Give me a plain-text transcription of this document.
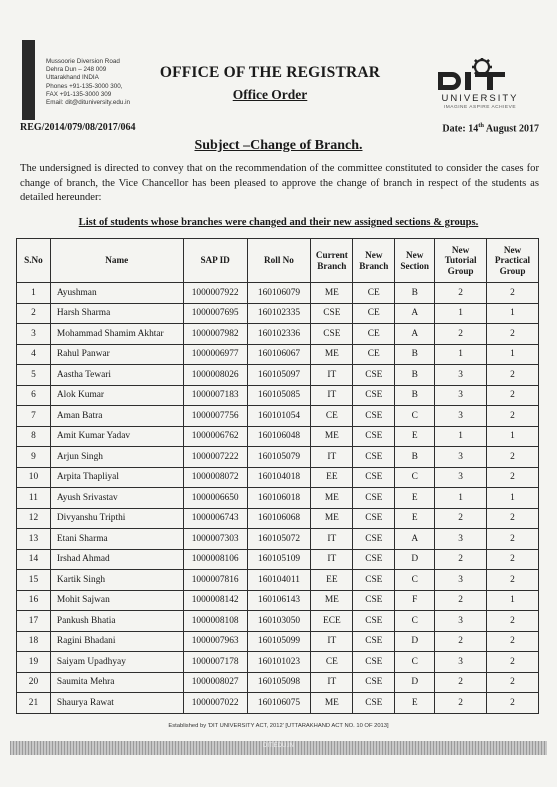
Mussoorie Diversion Road
Dehra Dun – 248 009
Uttarakhand INDIA
Phones +91-135-3000 300,
FAX +91-135-3000 309
Email: dit@dituniversity.edu.in
OFFICE OF THE REGISTRAR
Office Order	UNIVERSITY
IMAGINE ASPIRE ACHIEVE
REG/2014/079/08/2017/064	Date: 14th August 2017
Subject –Change of Branch.
The undersigned is directed to convey that on the recommendation of the committee constituted to consider the cases for change of branch, the Vice Chancellor has been pleased to approve the change of branch in respect of the students as detailed hereunder:
List of students whose branches were changed and their new assigned sections & groups.
S.No	Name	SAP ID	Roll No	Current Branch	New Branch	New Section	New Tutorial Group	New Practical Group
1	Ayushman	1000007922	160106079	ME	CE	B	2	2
2	Harsh Sharma	1000007695	160102335	CSE	CE	A	1	1
3	Mohammad Shamim Akhtar	1000007982	160102336	CSE	CE	A	2	2
4	Rahul Panwar	1000006977	160106067	ME	CE	B	1	1
5	Aastha Tewari	1000008026	160105097	IT	CSE	B	3	2
6	Alok Kumar	1000007183	160105085	IT	CSE	B	3	2
7	Aman Batra	1000007756	160101054	CE	CSE	C	3	2
8	Amit Kumar Yadav	1000006762	160106048	ME	CSE	E	1	1
9	Arjun Singh	1000007222	160105079	IT	CSE	B	3	2
10	Arpita Thapliyal	1000008072	160104018	EE	CSE	C	3	2
11	Ayush Srivastav	1000006650	160106018	ME	CSE	E	1	1
12	Divyanshu Tripthi	1000006743	160106068	ME	CSE	E	2	2
13	Etani Sharma	1000007303	160105072	IT	CSE	A	3	2
14	Irshad Ahmad	1000008106	160105109	IT	CSE	D	2	2
15	Kartik Singh	1000007816	160104011	EE	CSE	C	3	2
16	Mohit Sajwan	1000008142	160106143	ME	CSE	F	2	1
17	Pankush Bhatia	1000008108	160103050	ECE	CSE	C	3	2
18	Ragini Bhadani	1000007963	160105099	IT	CSE	D	2	2
19	Saiyam Upadhyay	1000007178	160101023	CE	CSE	C	3	2
20	Saumita Mehra	1000008027	160105098	IT	CSE	D	2	2
21	Shaurya Rawat	1000007022	160106075	ME	CSE	E	2	2
Established by 'DIT UNIVERSITY ACT, 2012' [UTTARAKHAND ACT NO. 10 OF 2013]
DIT.EDU.IN
